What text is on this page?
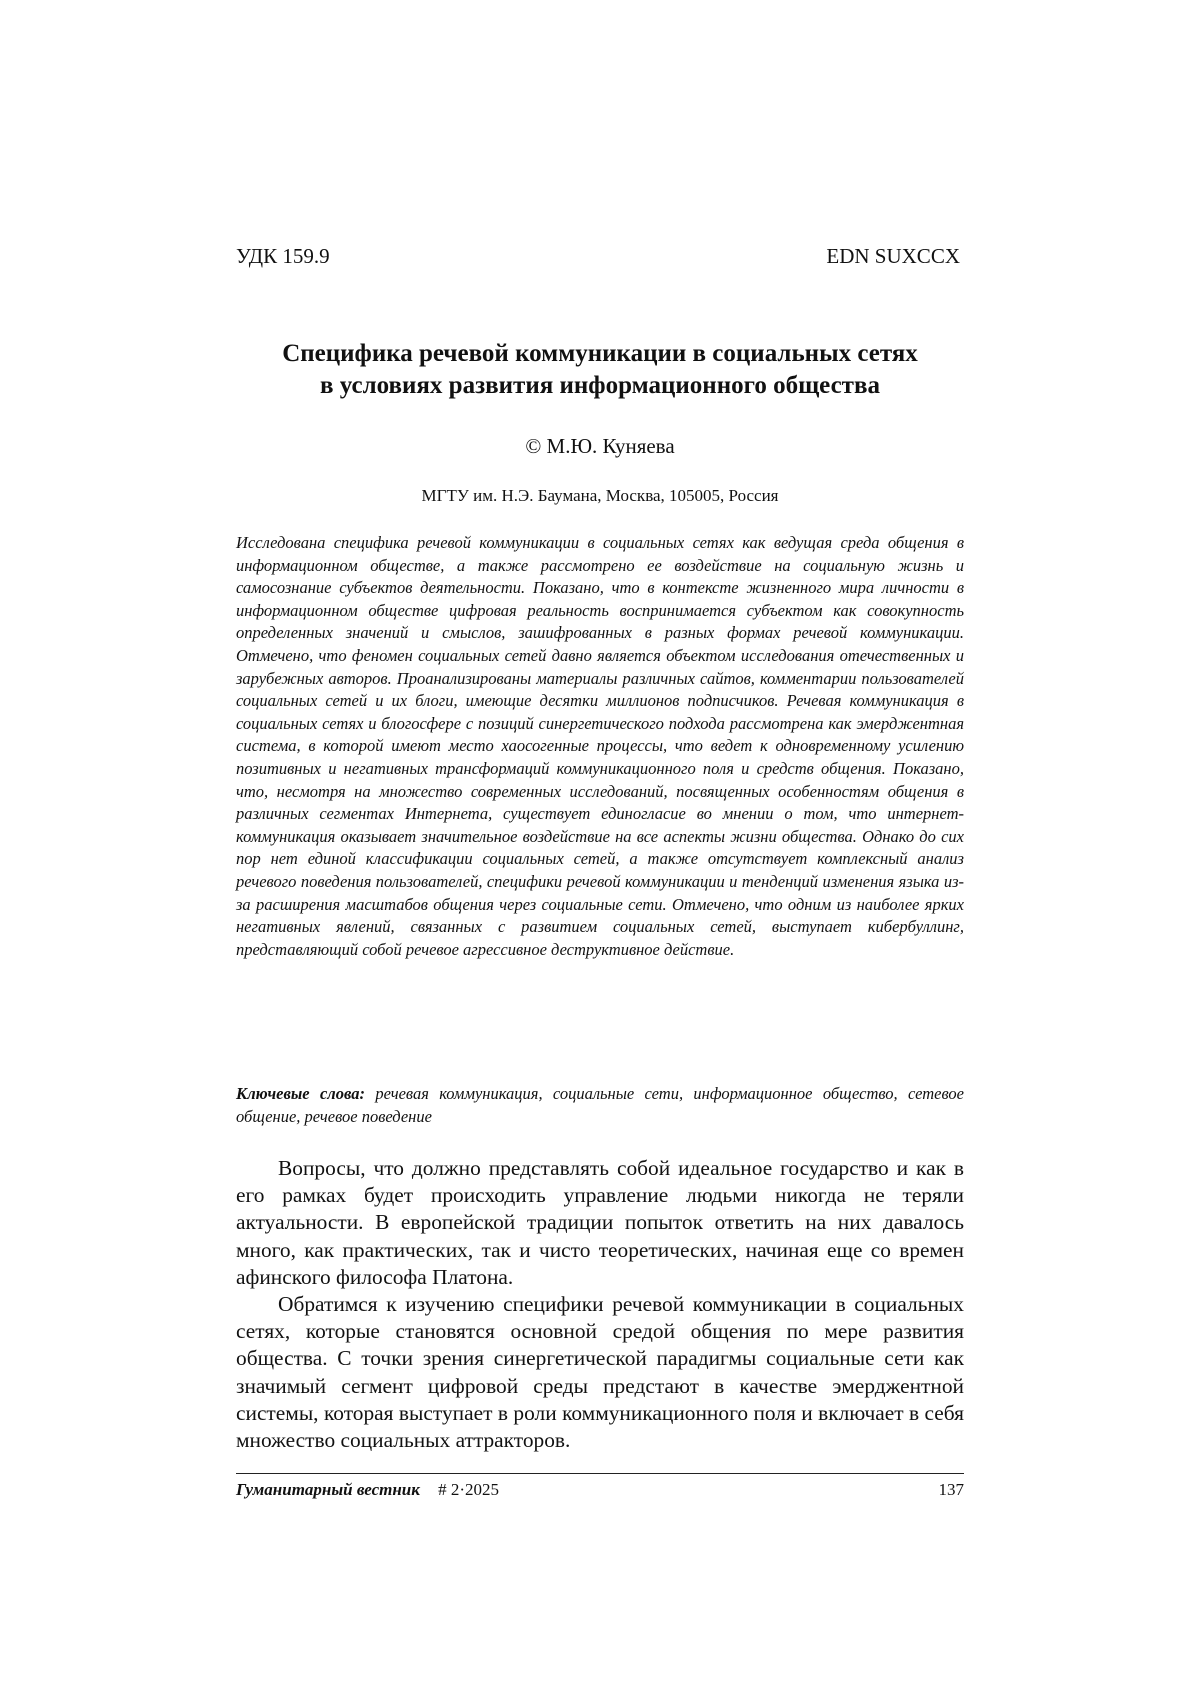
УДК 159.9	EDN SUXCCX
Специфика речевой коммуникации в социальных сетях
в условиях развития информационного общества
© М.Ю. Куняева
МГТУ им. Н.Э. Баумана, Москва, 105005, Россия
Исследована специфика речевой коммуникации в социальных сетях как ведущая среда общения в информационном обществе, а также рассмотрено ее воздействие на социальную жизнь и самосознание субъектов деятельности. Показано, что в контексте жизненного мира личности в информационном обществе цифровая реальность воспринимается субъектом как совокупность определенных значений и смыслов, зашифрованных в разных формах речевой коммуникации. Отмечено, что феномен социальных сетей давно является объектом исследования отечественных и зарубежных авторов. Проанализированы материалы различных сайтов, комментарии пользователей социальных сетей и их блоги, имеющие десятки миллионов подписчиков. Речевая коммуникация в социальных сетях и блогосфере с позиций синергетического подхода рассмотрена как эмерджентная система, в которой имеют место хаосогенные процессы, что ведет к одновременному усилению позитивных и негативных трансформаций коммуникационного поля и средств общения. Показано, что, несмотря на множество современных исследований, посвященных особенностям общения в различных сегментах Интернета, существует единогласие во мнении о том, что интернет-коммуникация оказывает значительное воздействие на все аспекты жизни общества. Однако до сих пор нет единой классификации социальных сетей, а также отсутствует комплексный анализ речевого поведения пользователей, специфики речевой коммуникации и тенденций изменения языка из-за расширения масштабов общения через социальные сети. Отмечено, что одним из наиболее ярких негативных явлений, связанных с развитием социальных сетей, выступает кибербуллинг, представляющий собой речевое агрессивное деструктивное действие.
Ключевые слова: речевая коммуникация, социальные сети, информационное общество, сетевое общение, речевое поведение

Вопросы, что должно представлять собой идеальное государство и как в его рамках будет происходить управление людьми никогда не теряли актуальности. В европейской традиции попыток ответить на них давалось много, как практических, так и чисто теоретических, начиная еще со времен афинского философа Платона.

Обратимся к изучению специфики речевой коммуникации в социальных сетях, которые становятся основной средой общения по мере развития общества. С точки зрения синергетической парадигмы социальные сети как значимый сегмент цифровой среды предстают в качестве эмерджентной системы, которая выступает в роли коммуникационного поля и включает в себя множество социальных аттракторов.

Гуманитарный вестник # 2·2025	137
